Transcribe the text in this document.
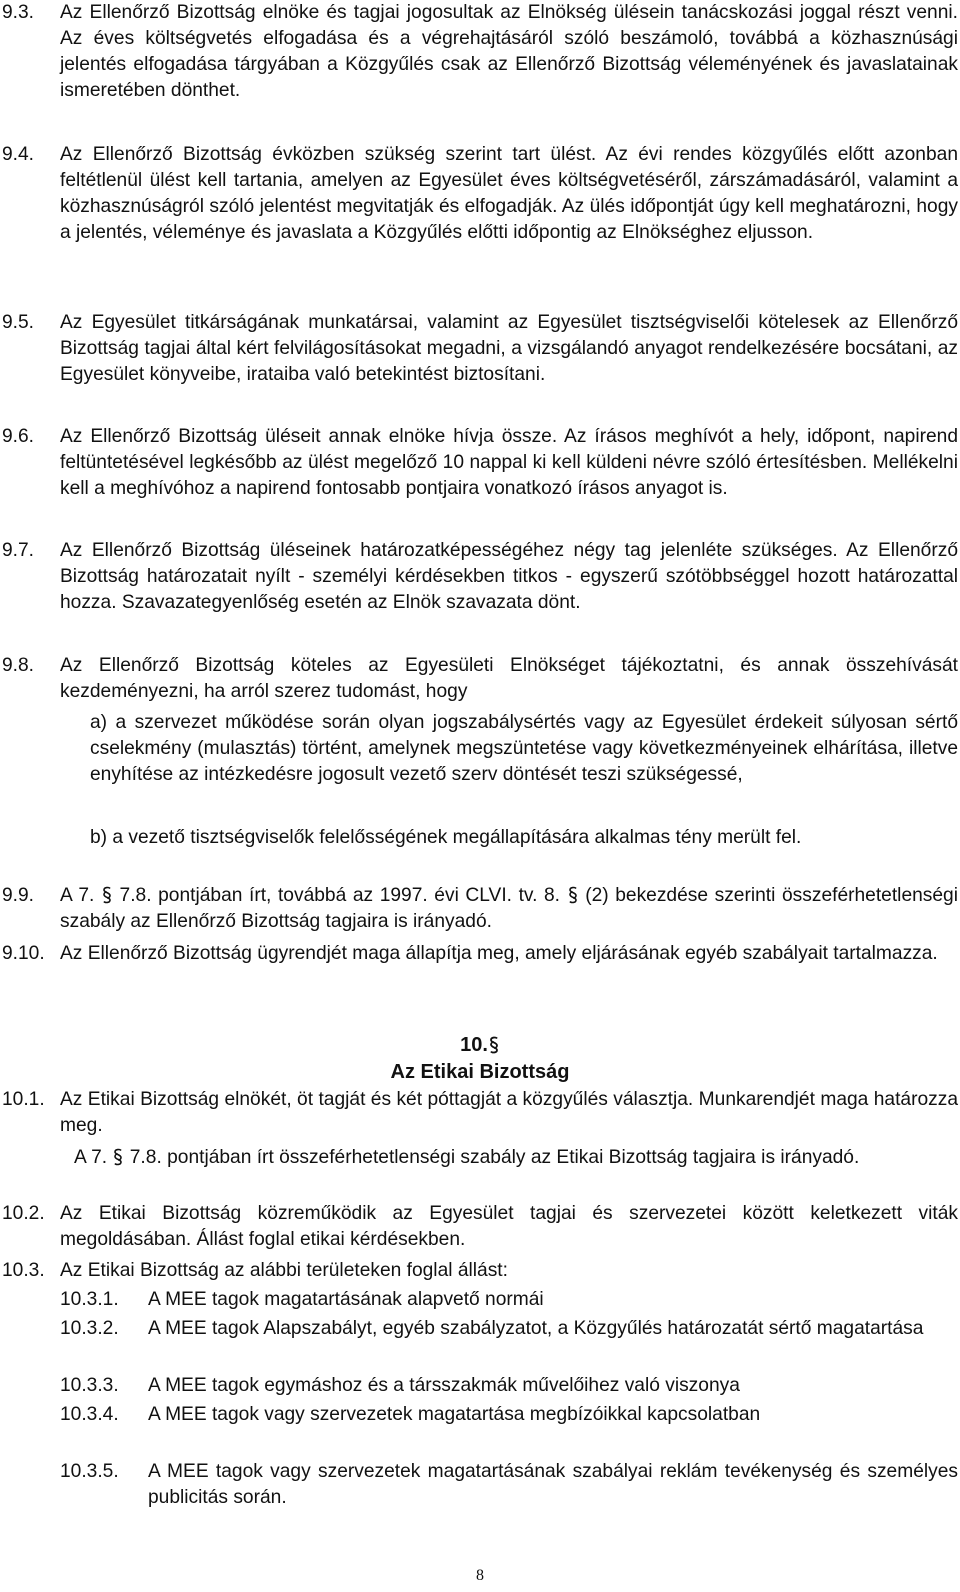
9.3. Az Ellenőrző Bizottság elnöke és tagjai jogosultak az Elnökség ülésein tanácskozási joggal részt venni. Az éves költségvetés elfogadása és a végrehajtásáról szóló beszámoló, továbbá a közhasznúsági jelentés elfogadása tárgyában a Közgyűlés csak az Ellenőrző Bizottság véleményének és javaslatainak ismeretében dönthet.
9.4. Az Ellenőrző Bizottság évközben szükség szerint tart ülést. Az évi rendes közgyűlés előtt azonban feltétlenül ülést kell tartania, amelyen az Egyesület éves költségvetéséről, zárszámadásáról, valamint a közhasznúságról szóló jelentést megvitatják és elfogadják. Az ülés időpontját úgy kell meghatározni, hogy a jelentés, véleménye és javaslata a Közgyűlés előtti időpontig az Elnökséghez eljusson.
9.5. Az Egyesület titkárságának munkatársai, valamint az Egyesület tisztségviselői kötelesek az Ellenőrző Bizottság tagjai által kért felvilágosításokat megadni, a vizsgálandó anyagot rendelkezésére bocsátani, az Egyesület könyveibe, irataiba való betekintést biztosítani.
9.6. Az Ellenőrző Bizottság üléseit annak elnöke hívja össze. Az írásos meghívót a hely, időpont, napirend feltüntetésével legkésőbb az ülést megelőző 10 nappal ki kell küldeni névre szóló értesítésben. Mellékelni kell a meghívóhoz a napirend fontosabb pontjaira vonatkozó írásos anyagot is.
9.7. Az Ellenőrző Bizottság üléseinek határozatképességéhez négy tag jelenléte szükséges. Az Ellenőrző Bizottság határozatait nyílt - személyi kérdésekben titkos - egyszerű szótöbbséggel hozott határozattal hozza. Szavazategyenlőség esetén az Elnök szavazata dönt.
9.8. Az Ellenőrző Bizottság köteles az Egyesületi Elnökséget tájékoztatni, és annak összehívását kezdeményezni, ha arról szerez tudomást, hogy
a) a szervezet működése során olyan jogszabálysértés vagy az Egyesület érdekeit súlyosan sértő cselekmény (mulasztás) történt, amelynek megszüntetése vagy következményeinek elhárítása, illetve enyhítése az intézkedésre jogosult vezető szerv döntését teszi szükségessé,
b) a vezető tisztségviselők felelősségének megállapítására alkalmas tény merült fel.
9.9. A 7. 7.8. pontjában írt, továbbá az 1997. évi CLVI. tv. 8. (2) bekezdése szerinti összeférhetetlenségi szabály az Ellenőrző Bizottság tagjaira is irányadó.
9.10. Az Ellenőrző Bizottság ügyrendjét maga állapítja meg, amely eljárásának egyéb szabályait tartalmazza.
10.
Az Etikai Bizottság
10.1. Az Etikai Bizottság elnökét, öt tagját és két póttagját a közgyűlés választja. Munkarendjét maga határozza meg.
A 7. 7.8. pontjában írt összeférhetetlenségi szabály az Etikai Bizottság tagjaira is irányadó.
10.2. Az Etikai Bizottság közreműködik az Egyesület tagjai és szervezetei között keletkezett viták megoldásában. Állást foglal etikai kérdésekben.
10.3. Az Etikai Bizottság az alábbi területeken foglal állást:
10.3.1. A MEE tagok magatartásának alapvető normái
10.3.2. A MEE tagok Alapszabályt, egyéb szabályzatot, a Közgyűlés határozatát sértő magatartása
10.3.3. A MEE tagok egymáshoz és a társszakmák művelőihez való viszonya
10.3.4. A MEE tagok vagy szervezetek magatartása megbízóikkal kapcsolatban
10.3.5. A MEE tagok vagy szervezetek magatartásának szabályai reklám tevékenység és személyes publicitás során.
8
